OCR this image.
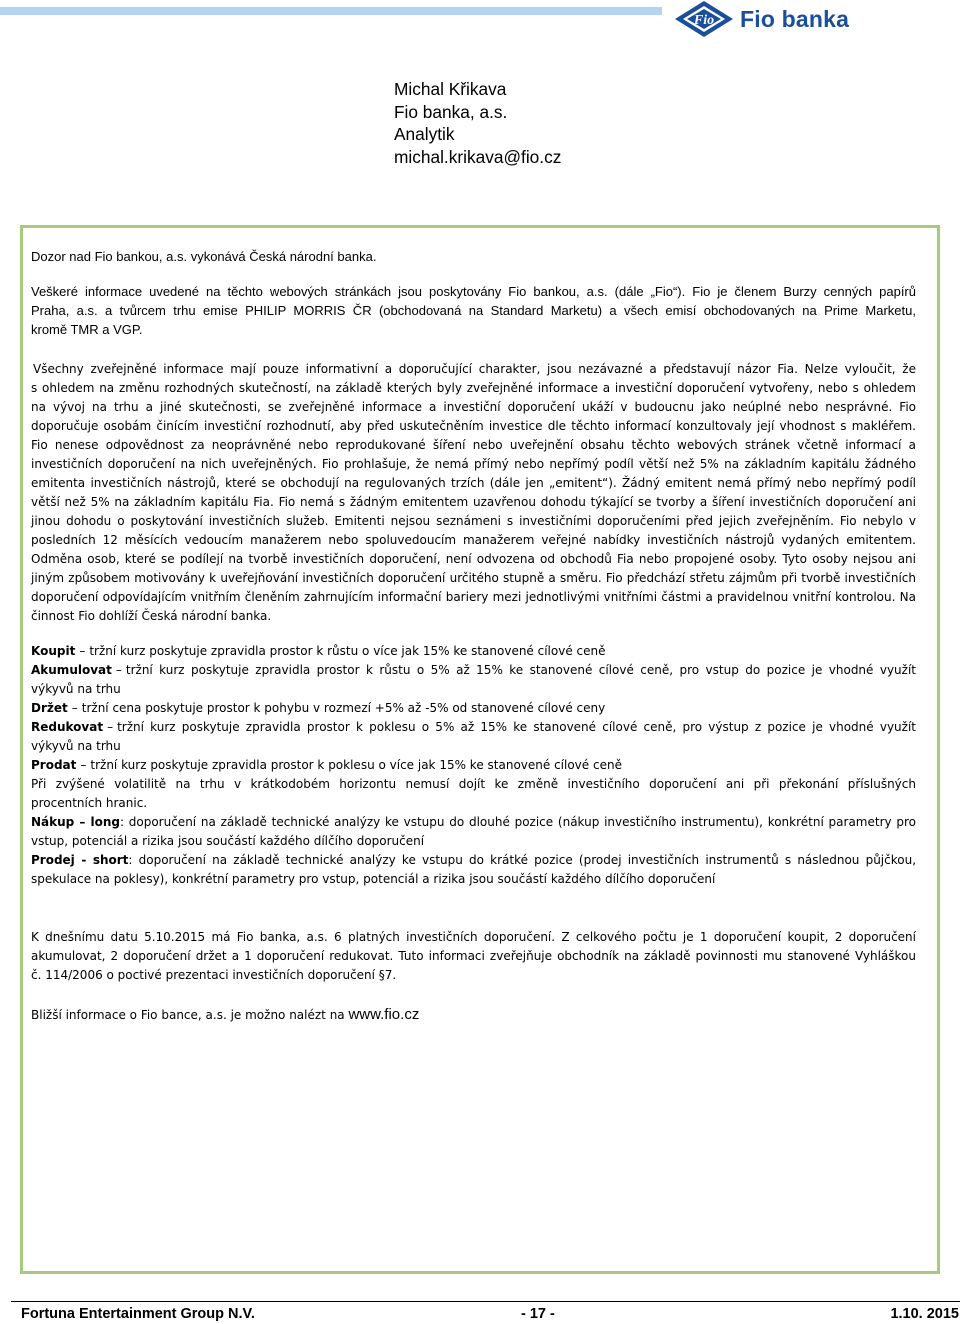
Fio Fio banka
Michal Křikava
Fio banka, a.s.
Analytik
michal.krikava@fio.cz
Dozor nad Fio bankou, a.s. vykonává Česká národní banka.
Veškeré informace uvedené na těchto webových stránkách jsou poskytovány Fio bankou, a.s. (dále „Fio“). Fio je členem Burzy cenných papírů
Praha, a.s. a tvůrcem trhu emise PHILIP MORRIS ČR (obchodovaná na Standard Marketu) a všech emisí obchodovaných na Prime Marketu,
kromě TMR a VGP.
Všechny zveřejněné informace mají pouze informativní a doporučující charakter, jsou nezávazné a představují názor Fia. Nelze vyloučit, že
s ohledem na změnu rozhodných skutečností, na základě kterých byly zveřejněné informace a investiční doporučení vytvořeny, nebo s ohledem
na vývoj na trhu a jiné skutečnosti, se zveřejněné informace a investiční doporučení ukáží v budoucnu jako neúplné nebo nesprávné. Fio
doporučuje osobám činícím investiční rozhodnutí, aby před uskutečněním investice dle těchto informací konzultovaly její vhodnost s makléřem.
Fio nenese odpovědnost za neoprávněné nebo reprodukované šíření nebo uveřejnění obsahu těchto webových stránek včetně informací a
investičních doporučení na nich uveřejněných. Fio prohlašuje, že nemá přímý nebo nepřímý podíl větší než 5% na základním kapitálu žádného
emitenta investičních nástrojů, které se obchodují na regulovaných trzích (dále jen „emitent“). Žádný emitent nemá přímý nebo nepřímý podíl
větší než 5% na základním kapitálu Fia. Fio nemá s žádným emitentem uzavřenou dohodu týkající se tvorby a šíření investičních doporučení ani
jinou dohodu o poskytování investičních služeb. Emitenti nejsou seznámeni s investičními doporučeními před jejich zveřejněním. Fio nebylo v
posledních 12 měsících vedoucím manažerem nebo spoluvedoucím manažerem veřejné nabídky investičních nástrojů vydaných emitentem.
Odměna osob, které se podílejí na tvorbě investičních doporučení, není odvozena od obchodů Fia nebo propojené osoby. Tyto osoby nejsou ani
jiným způsobem motivovány k uveřejňování investičních doporučení určitého stupně a směru. Fio předchází střetu zájmům při tvorbě investičních
doporučení odpovídajícím vnitřním členěním zahrnujícím informační bariery mezi jednotlivými vnitřními částmi a pravidelnou vnitřní kontrolou. Na
činnost Fio dohlíží Česká národní banka.
Koupit – tržní kurz poskytuje zpravidla prostor k růstu o více jak 15% ke stanovené cílové ceně
Akumulovat – tržní kurz poskytuje zpravidla prostor k růstu o 5% až 15% ke stanovené cílové ceně, pro vstup do pozice je vhodné využít
výkyvů na trhu
Držet – tržní cena poskytuje prostor k pohybu v rozmezí +5% až -5% od stanovené cílové ceny
Redukovat – tržní kurz poskytuje zpravidla prostor k poklesu o 5% až 15% ke stanovené cílové ceně, pro výstup z pozice je vhodné využít
výkyvů na trhu
Prodat – tržní kurz poskytuje zpravidla prostor k poklesu o více jak 15% ke stanovené cílové ceně
Při zvýšené volatilitě na trhu v krátkodobém horizontu nemusí dojít ke změně investičního doporučení ani při překonání příslušných
procentních hranic.
Nákup – long: doporučení na základě technické analýzy ke vstupu do dlouhé pozice (nákup investičního instrumentu), konkrétní parametry pro
vstup, potenciál a rizika jsou součástí každého dílčího doporučení
Prodej - short: doporučení na základě technické analýzy ke vstupu do krátké pozice (prodej investičních instrumentů s následnou půjčkou,
spekulace na poklesy), konkrétní parametry pro vstup, potenciál a rizika jsou součástí každého dílčího doporučení
K dnešnímu datu 5.10.2015 má Fio banka, a.s. 6 platných investičních doporučení. Z celkového počtu je 1 doporučení koupit, 2 doporučení
akumulovat, 2 doporučení držet a 1 doporučení redukovat. Tuto informaci zveřejňuje obchodník na základě povinnosti mu stanovené Vyhláškou
č. 114/2006 o poctivé prezentaci investičních doporučení §7.
Bližší informace o Fio bance, a.s. je možno nalézt na www.fio.cz
Fortuna Entertainment Group N.V.	- 17 -	1.10. 2015
